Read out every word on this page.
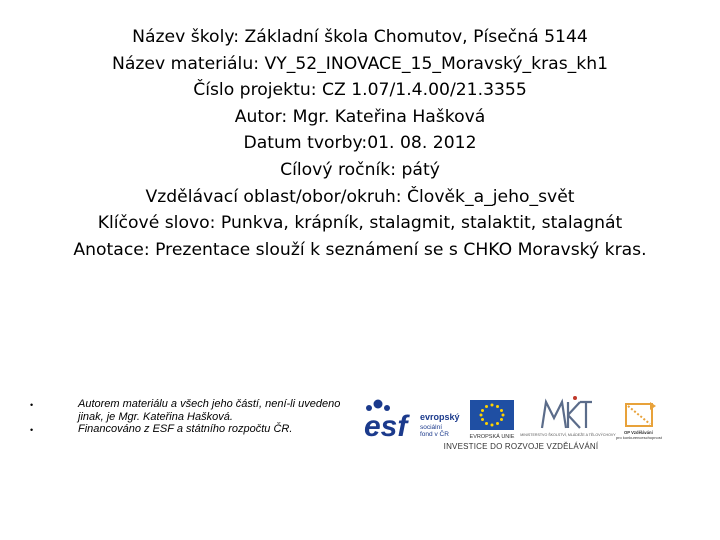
Název školy: Základní škola Chomutov, Písečná 5144
Název materiálu: VY_52_INOVACE_15_Moravský_kras_kh1
Číslo projektu: CZ 1.07/1.4.00/21.3355
Autor: Mgr. Kateřina Hašková
Datum tvorby:01. 08. 2012
Cílový ročník: pátý
Vzdělávací oblast/obor/okruh: Člověk_a_jeho_svět
Klíčové slovo: Punkva, krápník, stalagmit, stalaktit, stalagnát
Anotace: Prezentace slouží k seznámení se s CHKO Moravský kras.
•	Autorem materiálu a všech jeho částí, není-li uvedeno jinak, je Mgr. Kateřina Hašková.
•	Financováno z ESF a státního rozpočtu ČR.	esf	evropský
sociální
fond v ČR	EVROPSKÁ UNIE MINISTERSTVO ŠKOLSTVÍ, MLÁDEŽE A TĚLOVÝCHOVY OP Vzdělávání
pro konkurenceschopnost
INVESTICE DO ROZVOJE VZDĚLÁVÁNÍ
